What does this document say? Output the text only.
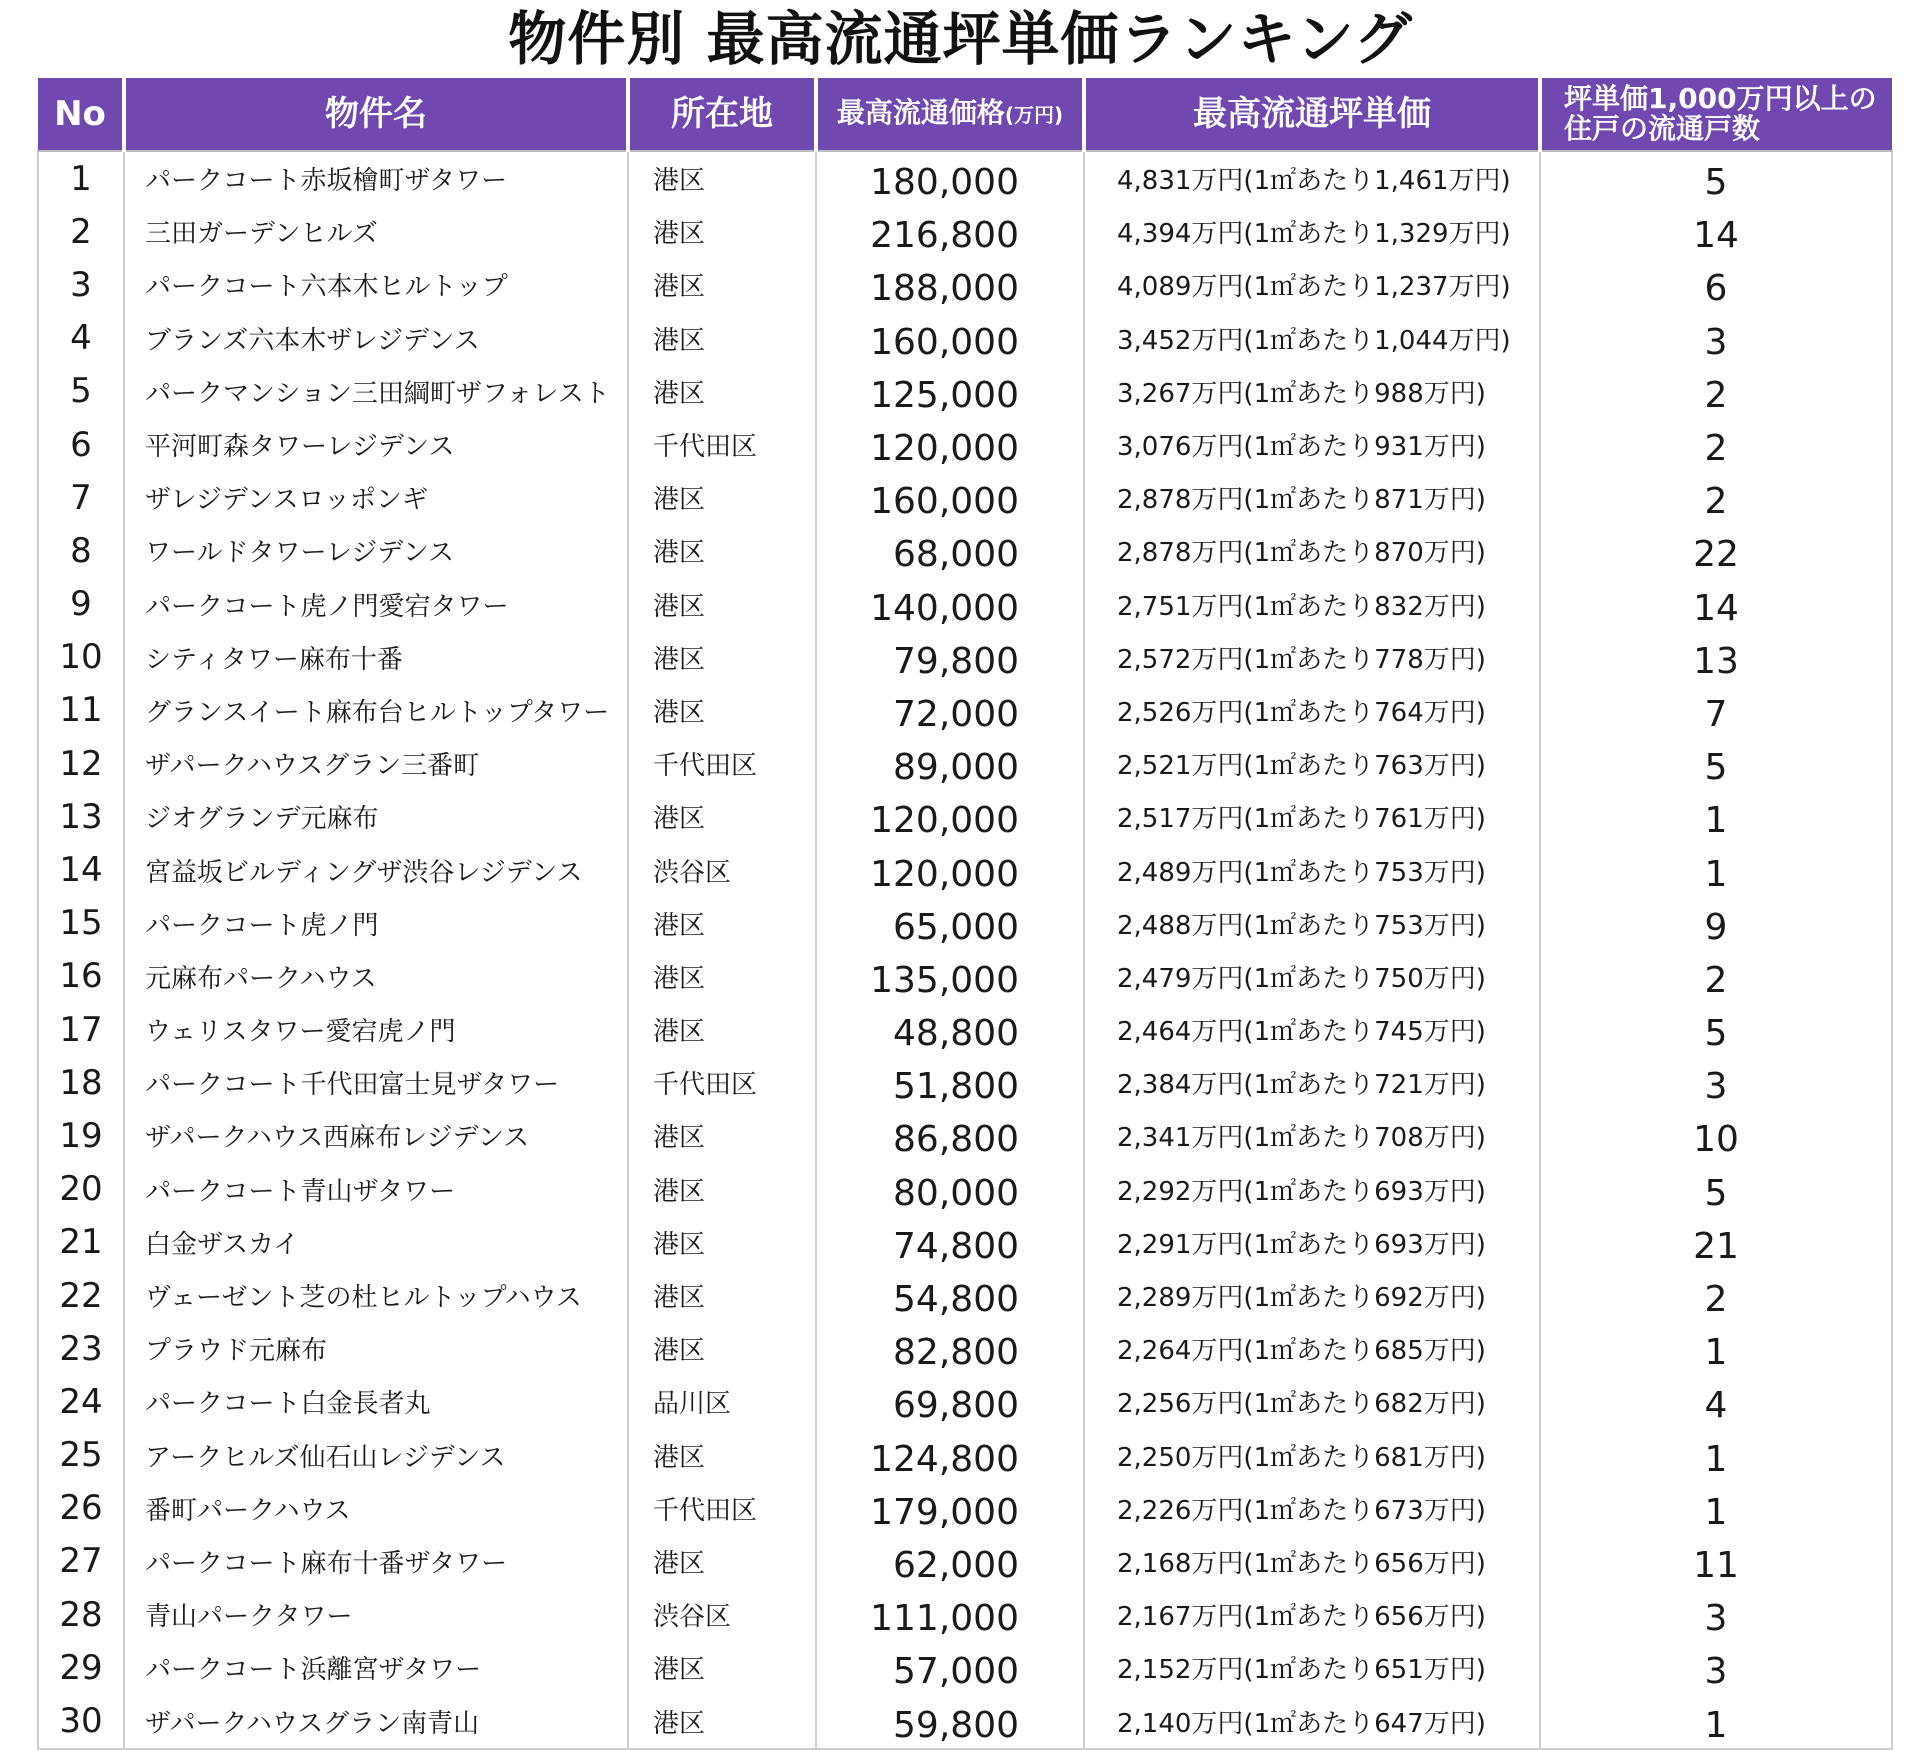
物件別 最高流通坪単価ランキング
No	物件名	所在地	最高流通価格(万円)	最高流通坪単価	坪単価1,000万円以上の
住戸の流通戸数
1	パークコート赤坂檜町ザタワー	港区	180,000	4,831万円(1㎡あたり1,461万円)	5
2	三田ガーデンヒルズ	港区	216,800	4,394万円(1㎡あたり1,329万円)	14
3	パークコート六本木ヒルトップ	港区	188,000	4,089万円(1㎡あたり1,237万円)	6
4	ブランズ六本木ザレジデンス	港区	160,000	3,452万円(1㎡あたり1,044万円)	3
5	パークマンション三田綱町ザフォレスト	港区	125,000	3,267万円(1㎡あたり988万円)	2
6	平河町森タワーレジデンス	千代田区	120,000	3,076万円(1㎡あたり931万円)	2
7	ザレジデンスロッポンギ	港区	160,000	2,878万円(1㎡あたり871万円)	2
8	ワールドタワーレジデンス	港区	68,000	2,878万円(1㎡あたり870万円)	22
9	パークコート虎ノ門愛宕タワー	港区	140,000	2,751万円(1㎡あたり832万円)	14
10	シティタワー麻布十番	港区	79,800	2,572万円(1㎡あたり778万円)	13
11	グランスイート麻布台ヒルトップタワー	港区	72,000	2,526万円(1㎡あたり764万円)	7
12	ザパークハウスグラン三番町	千代田区	89,000	2,521万円(1㎡あたり763万円)	5
13	ジオグランデ元麻布	港区	120,000	2,517万円(1㎡あたり761万円)	1
14	宮益坂ビルディングザ渋谷レジデンス	渋谷区	120,000	2,489万円(1㎡あたり753万円)	1
15	パークコート虎ノ門	港区	65,000	2,488万円(1㎡あたり753万円)	9
16	元麻布パークハウス	港区	135,000	2,479万円(1㎡あたり750万円)	2
17	ウェリスタワー愛宕虎ノ門	港区	48,800	2,464万円(1㎡あたり745万円)	5
18	パークコート千代田富士見ザタワー	千代田区	51,800	2,384万円(1㎡あたり721万円)	3
19	ザパークハウス西麻布レジデンス	港区	86,800	2,341万円(1㎡あたり708万円)	10
20	パークコート青山ザタワー	港区	80,000	2,292万円(1㎡あたり693万円)	5
21	白金ザスカイ	港区	74,800	2,291万円(1㎡あたり693万円)	21
22	ヴェーゼント芝の杜ヒルトップハウス	港区	54,800	2,289万円(1㎡あたり692万円)	2
23	プラウド元麻布	港区	82,800	2,264万円(1㎡あたり685万円)	1
24	パークコート白金長者丸	品川区	69,800	2,256万円(1㎡あたり682万円)	4
25	アークヒルズ仙石山レジデンス	港区	124,800	2,250万円(1㎡あたり681万円)	1
26	番町パークハウス	千代田区	179,000	2,226万円(1㎡あたり673万円)	1
27	パークコート麻布十番ザタワー	港区	62,000	2,168万円(1㎡あたり656万円)	11
28	青山パークタワー	渋谷区	111,000	2,167万円(1㎡あたり656万円)	3
29	パークコート浜離宮ザタワー	港区	57,000	2,152万円(1㎡あたり651万円)	3
30	ザパークハウスグラン南青山	港区	59,800	2,140万円(1㎡あたり647万円)	1
